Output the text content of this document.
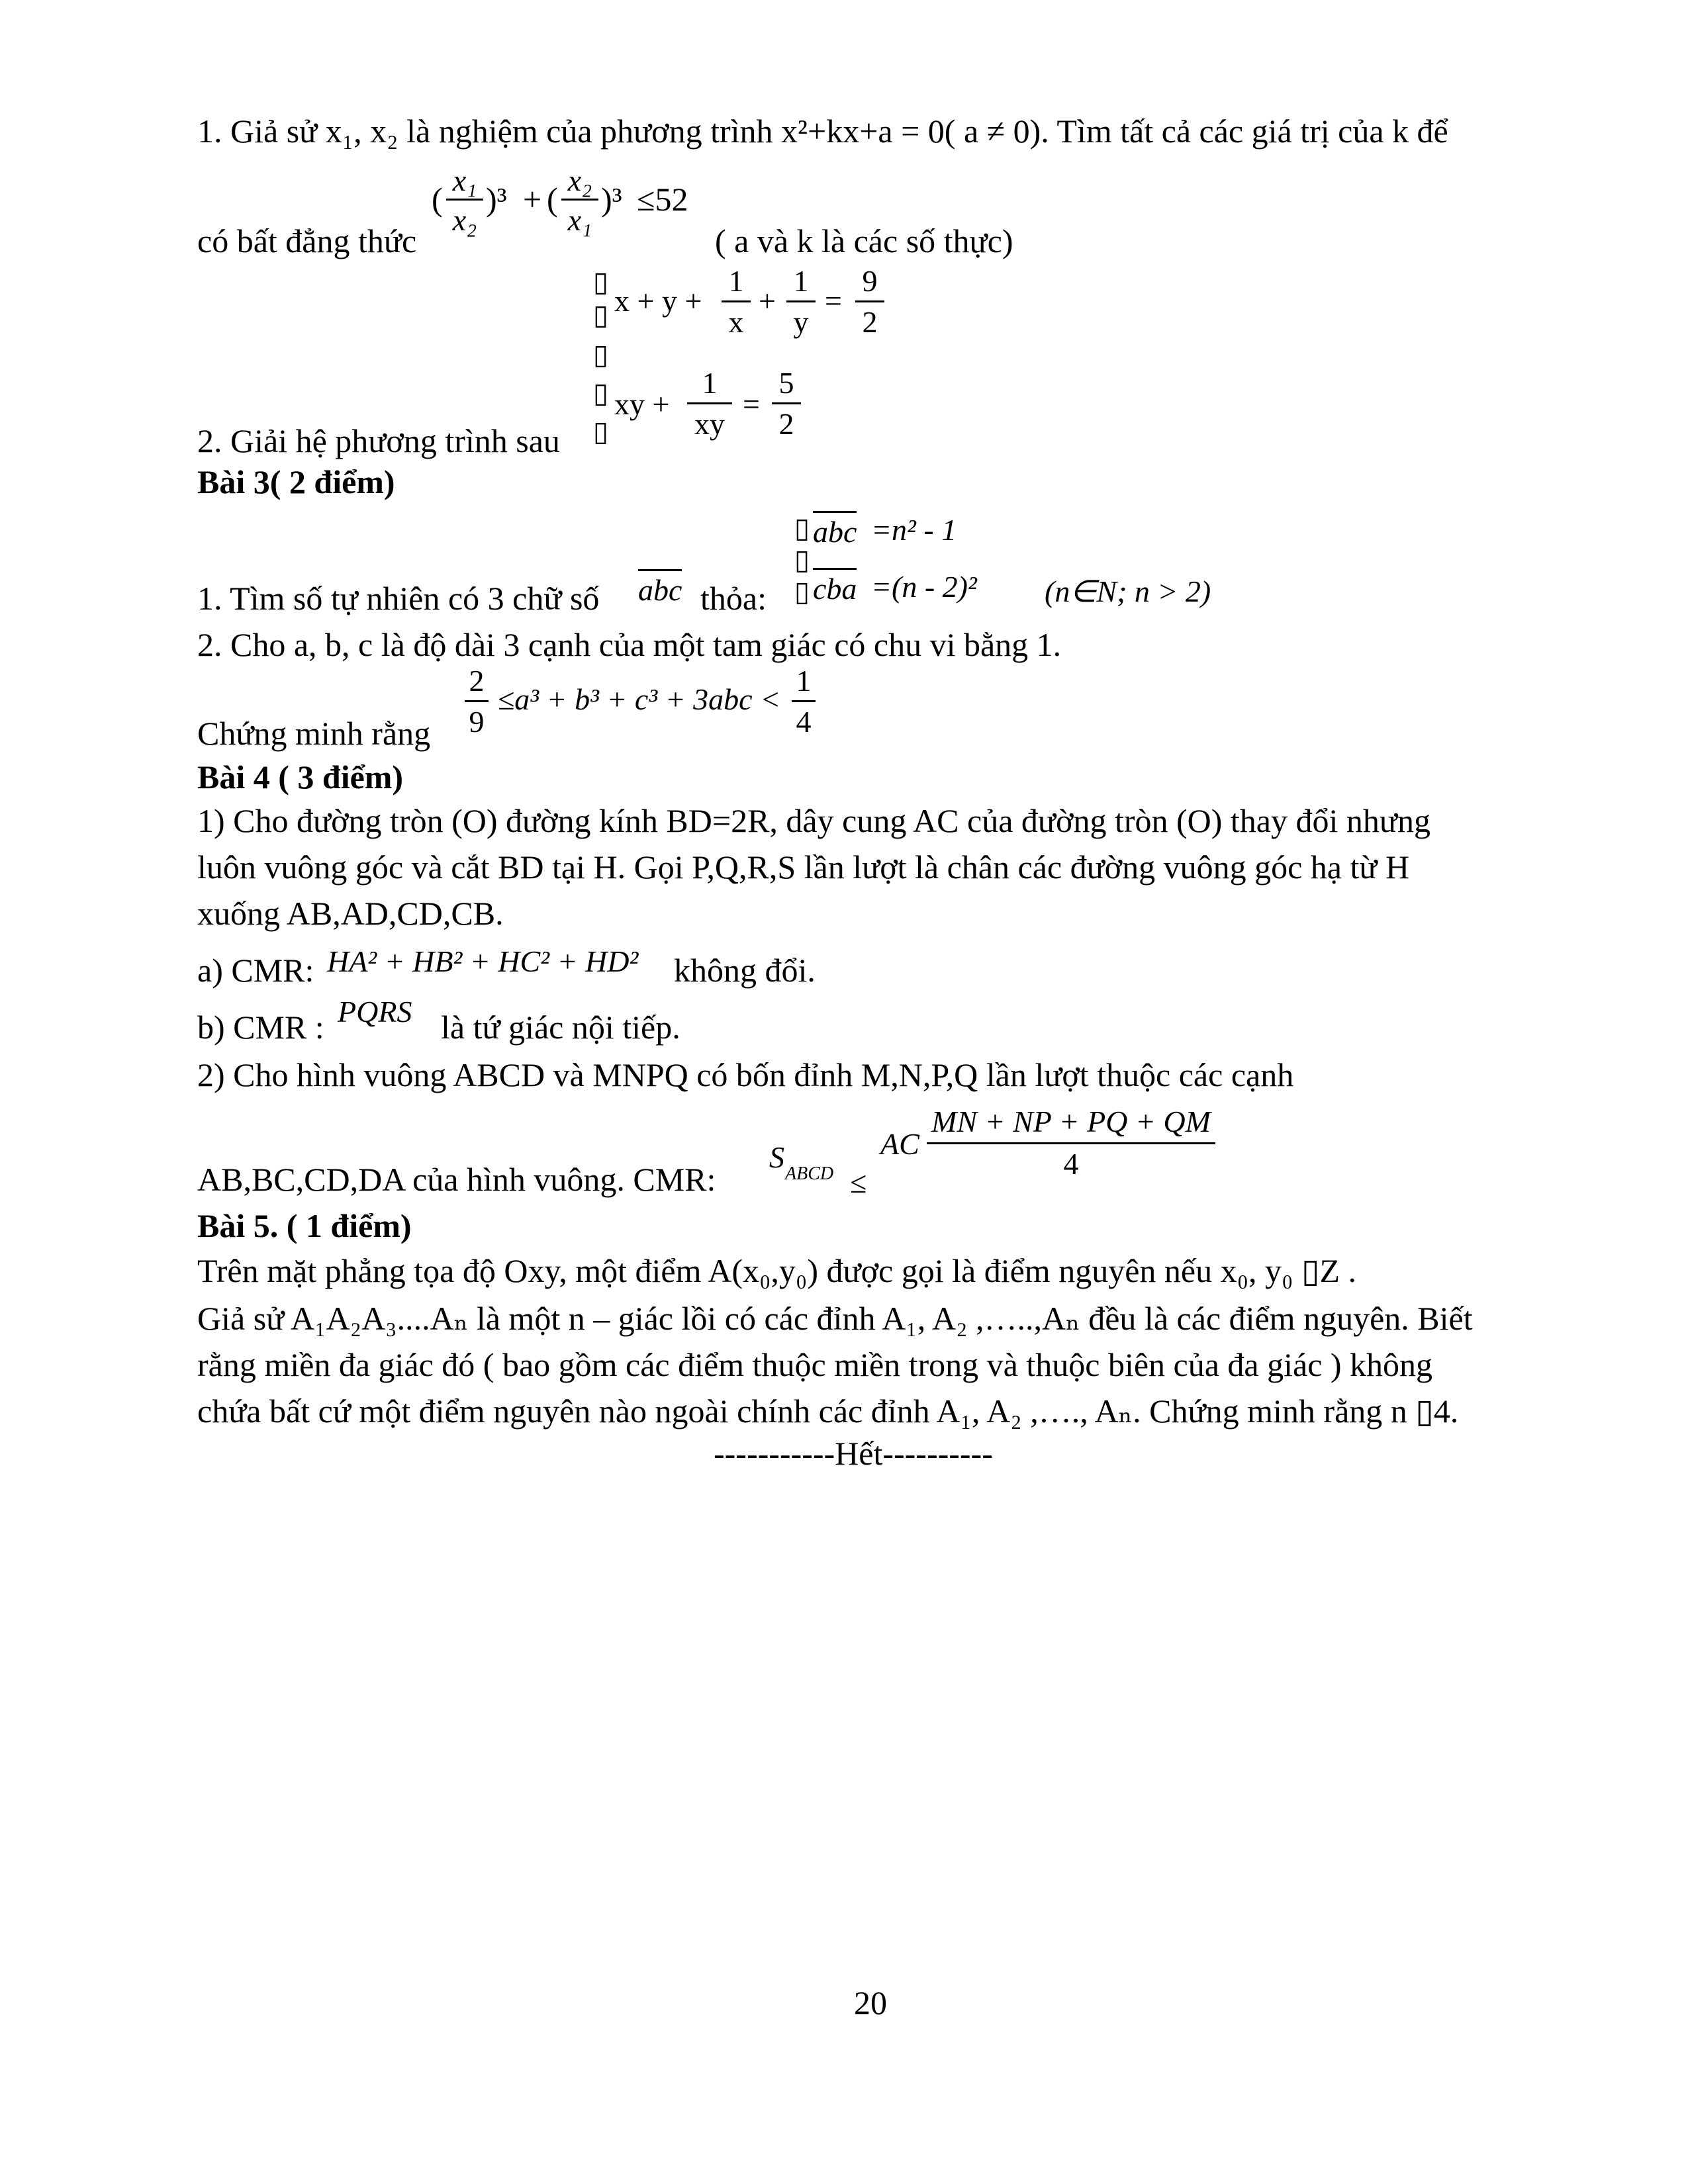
1. Giả sử x₁, x₂ là nghiệm của phương trình x²+kx+a = 0( a ≠ 0). Tìm tất cả các giá trị của k để
(
x₁
x₂
)³ + (
x₂
x₁
)³ ≤52
có bất đẳng thức	( a và k là các số thực)
▯
▯
▯
▯
▯
x + y +
1
x
+
1
y
=
9
2
xy +
1
xy
=
5
2
2. Giải hệ phương trình sau
Bài 3( 2 điểm)
▯
▯
▯
abc =n² - 1
cba =(n - 2)² (n∈N; n > 2)
1. Tìm số tự nhiên có 3 chữ số abc thỏa:
2. Cho a, b, c là độ dài 3 cạnh của một tam giác có chu vi bằng 1.
2
9
≤a³ + b³ + c³ + 3abc <
1
4
Chứng minh rằng
Bài 4 ( 3 điểm)
1) Cho đường tròn (O) đường kính BD=2R, dây cung AC của đường tròn (O) thay đổi nhưng
luôn vuông góc và cắt BD tại H. Gọi P,Q,R,S lần lượt là chân các đường vuông góc hạ từ H
xuống AB,AD,CD,CB.
a) CMR: HA² + HB² + HC² + HD² không đổi.
b) CMR : PQRS là tứ giác nội tiếp.
2) Cho hình vuông ABCD và MNPQ có bốn đỉnh M,N,P,Q lần lượt thuộc các cạnh
AB,BC,CD,DA của hình vuông. CMR:
S ABCD ≤
AC
MN + NP + PQ + QM
4
Bài 5. ( 1 điểm)
Trên mặt phẳng tọa độ Oxy, một điểm A(x₀,y₀) được gọi là điểm nguyên nếu x₀, y₀ ▯Z .
Giả sử A₁A₂A₃....Aₙ là một n – giác lồi có các đỉnh A₁, A₂ ,…..,Aₙ đều là các điểm nguyên. Biết
rằng miền đa giác đó ( bao gồm các điểm thuộc miền trong và thuộc biên của đa giác ) không
chứa bất cứ một điểm nguyên nào ngoài chính các đỉnh A₁, A₂ ,…., Aₙ. Chứng minh rằng n ▯4.
-----------Hết----------
20
